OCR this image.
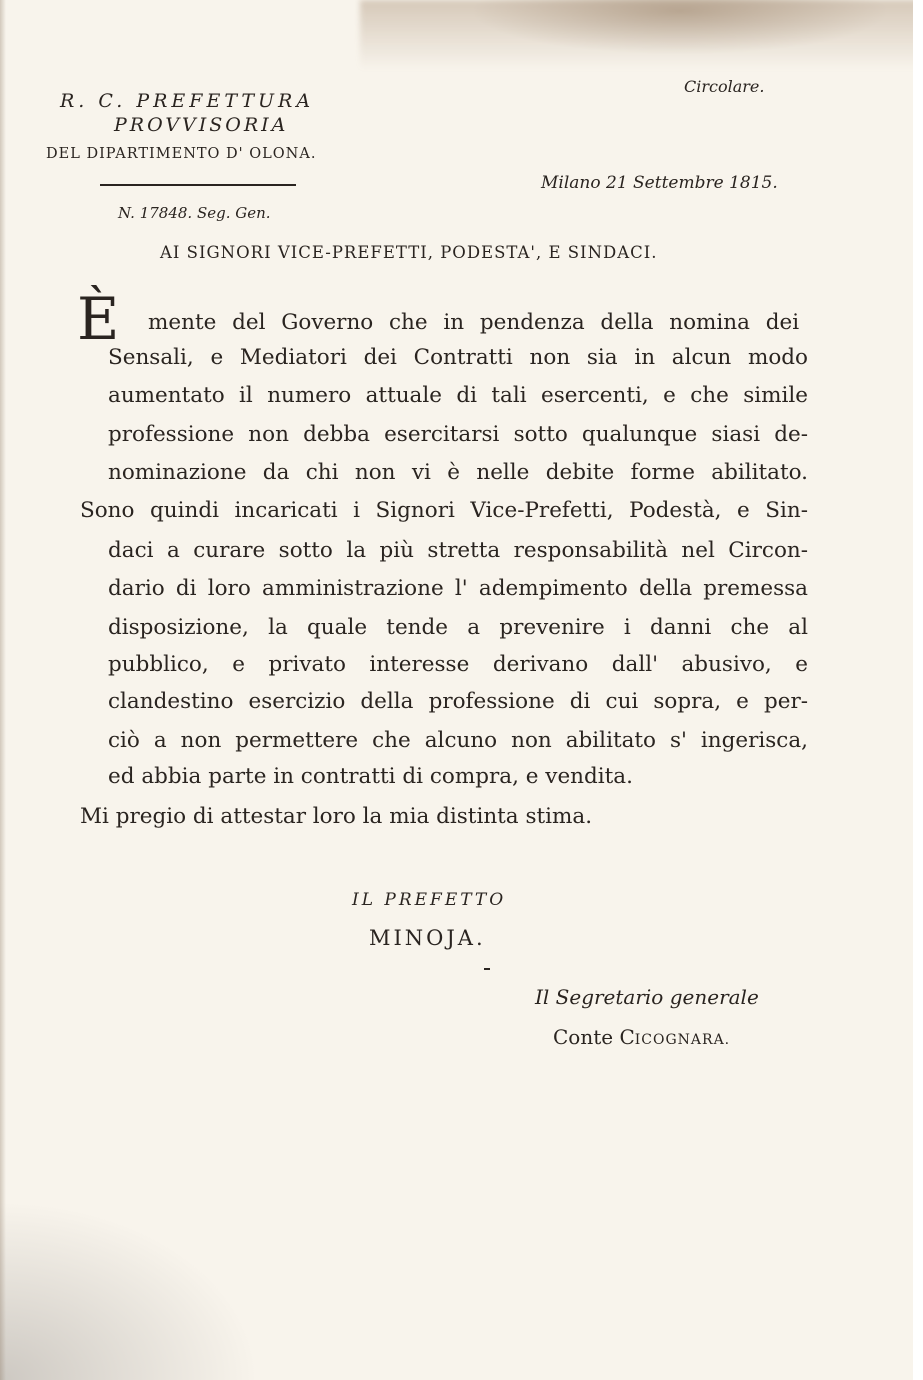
R. C. PREFETTURA
PROVVISORIA
DEL DIPARTIMENTO D' OLONA.
Circolare.
Milano 21 Settembre 1815.
N. 17848. Seg. Gen.
AI SIGNORI VICE-PREFETTI, PODESTA', E SINDACI.
È mente del Governo che in pendenza della nomina dei
Sensali, e Mediatori dei Contratti non sia in alcun modo
aumentato il numero attuale di tali esercenti, e che simile
professione non debba esercitarsi sotto qualunque siasi de-
nominazione da chi non vi è nelle debite forme abilitato.
Sono quindi incaricati i Signori Vice-Prefetti, Podestà, e Sin-
daci a curare sotto la più stretta responsabilità nel Circon-
dario di loro amministrazione l' adempimento della premessa
disposizione, la quale tende a prevenire i danni che al
pubblico, e privato interesse derivano dall' abusivo, e
clandestino esercizio della professione di cui sopra, e per-
ciò a non permettere che alcuno non abilitato s' ingerisca,
ed abbia parte in contratti di compra, e vendita.
Mi pregio di attestar loro la mia distinta stima.
IL PREFETTO
MINOJA.
Il Segretario generale
Conte CICOGNARA.
